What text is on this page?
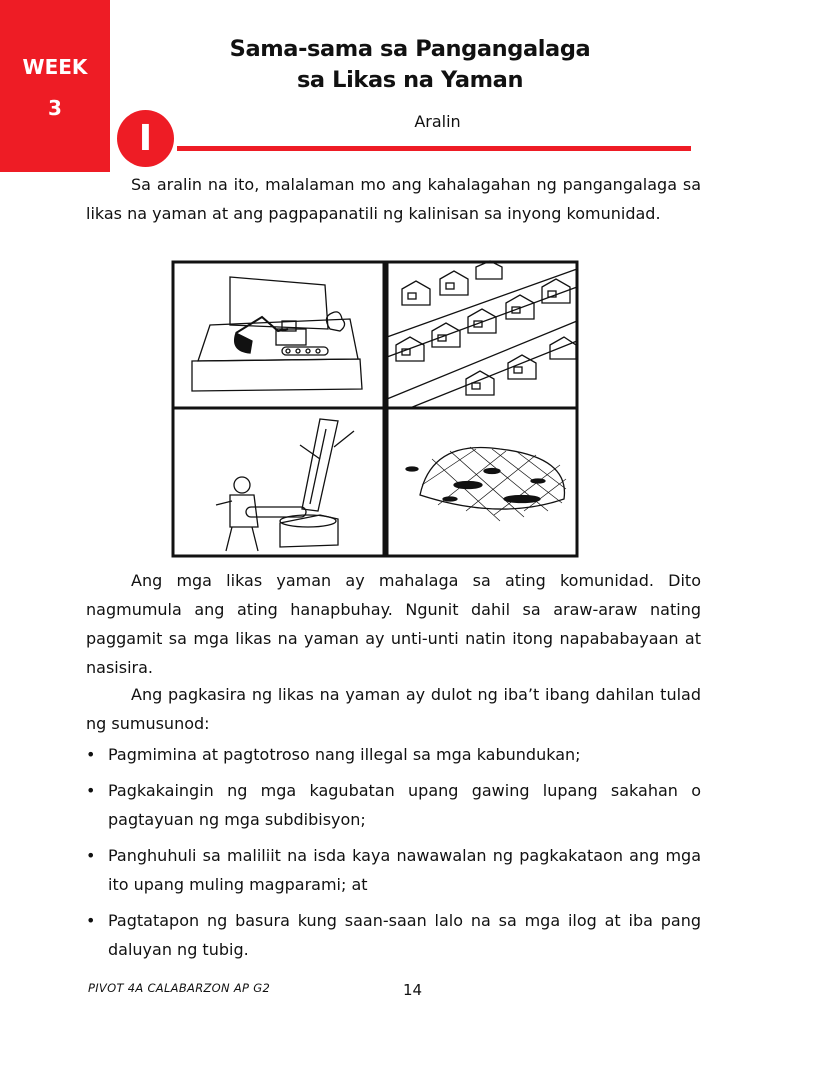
WEEK
3
Sama-sama sa Pangangalaga
sa Likas na Yaman
I	Aralin

Sa aralin na ito, malalaman mo ang kahalagahan ng pangangalaga sa likas na yaman at ang pagpapanatili ng kalinisan sa inyong komunidad.

Ang mga likas yaman ay mahalaga sa ating komunidad. Dito nagmumula ang ating hanapbuhay. Ngunit dahil sa araw-araw nating paggamit sa mga likas na yaman ay unti-unti natin itong napababayaan at nasisira.

Ang pagkasira ng likas na yaman ay dulot ng iba’t ibang dahilan tulad ng sumusunod:

• Pagmimina at pagtotroso nang illegal sa mga kabundukan;
• Pagkakaingin ng mga kagubatan upang gawing lupang sakahan o pagtayuan ng mga subdibisyon;
• Panghuhuli sa maliliit na isda kaya nawawalan ng pagkakataon ang mga ito upang muling magparami; at
• Pagtatapon ng basura kung saan-saan lalo na sa mga ilog at iba pang daluyan ng tubig.
PIVOT 4A CALABARZON AP G2	14
